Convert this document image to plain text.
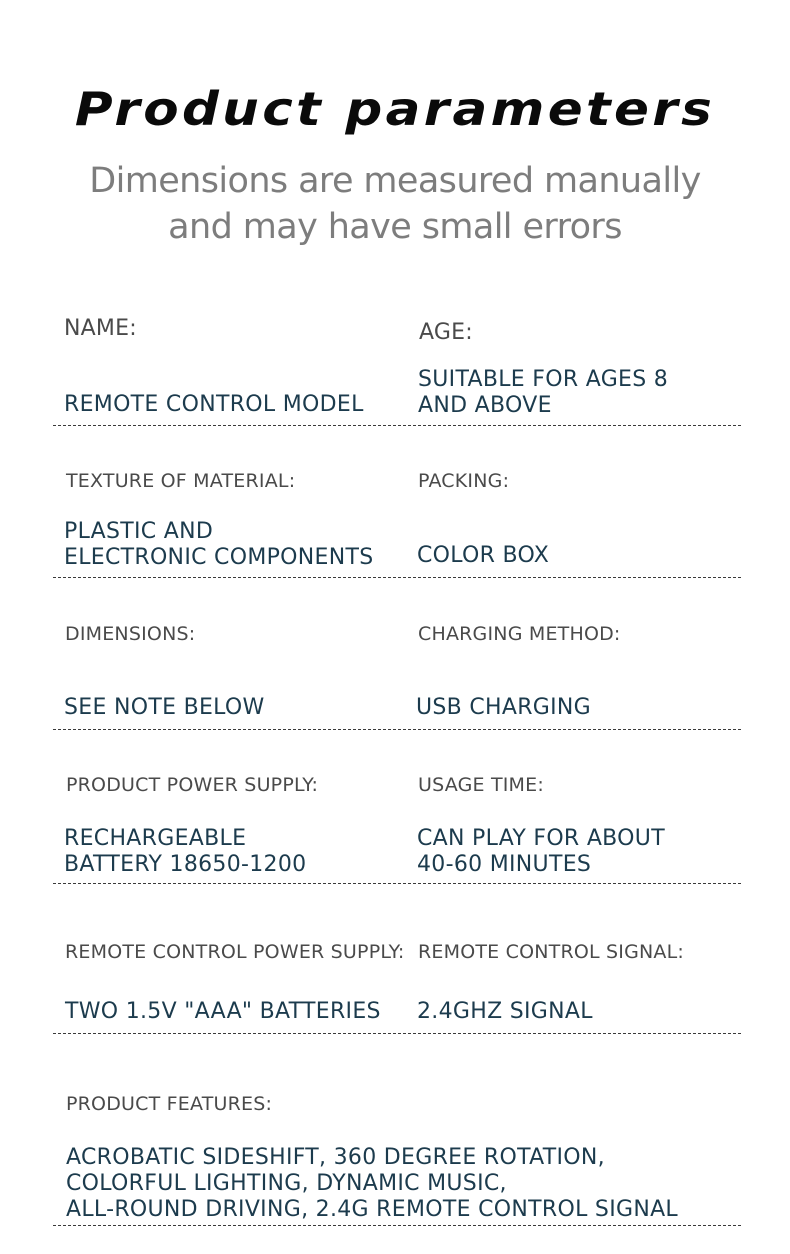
Product parameters
Dimensions are measured manually
and may have small errors
NAME:	AGE:
REMOTE CONTROL MODEL
SUITABLE FOR AGES 8
AND ABOVE
TEXTURE OF MATERIAL:	PACKING:
PLASTIC AND
ELECTRONIC COMPONENTS COLOR BOX
DIMENSIONS:	CHARGING METHOD:
SEE NOTE BELOW	USB CHARGING
PRODUCT POWER SUPPLY:	USAGE TIME:
RECHARGEABLE
BATTERY 18650-1200
CAN PLAY FOR ABOUT
40-60 MINUTES
REMOTE CONTROL POWER SUPPLY: REMOTE CONTROL SIGNAL:
TWO 1.5V "AAA" BATTERIES 2.4GHZ SIGNAL
PRODUCT FEATURES:
ACROBATIC SIDESHIFT, 360 DEGREE ROTATION,
COLORFUL LIGHTING, DYNAMIC MUSIC,
ALL-ROUND DRIVING, 2.4G REMOTE CONTROL SIGNAL
